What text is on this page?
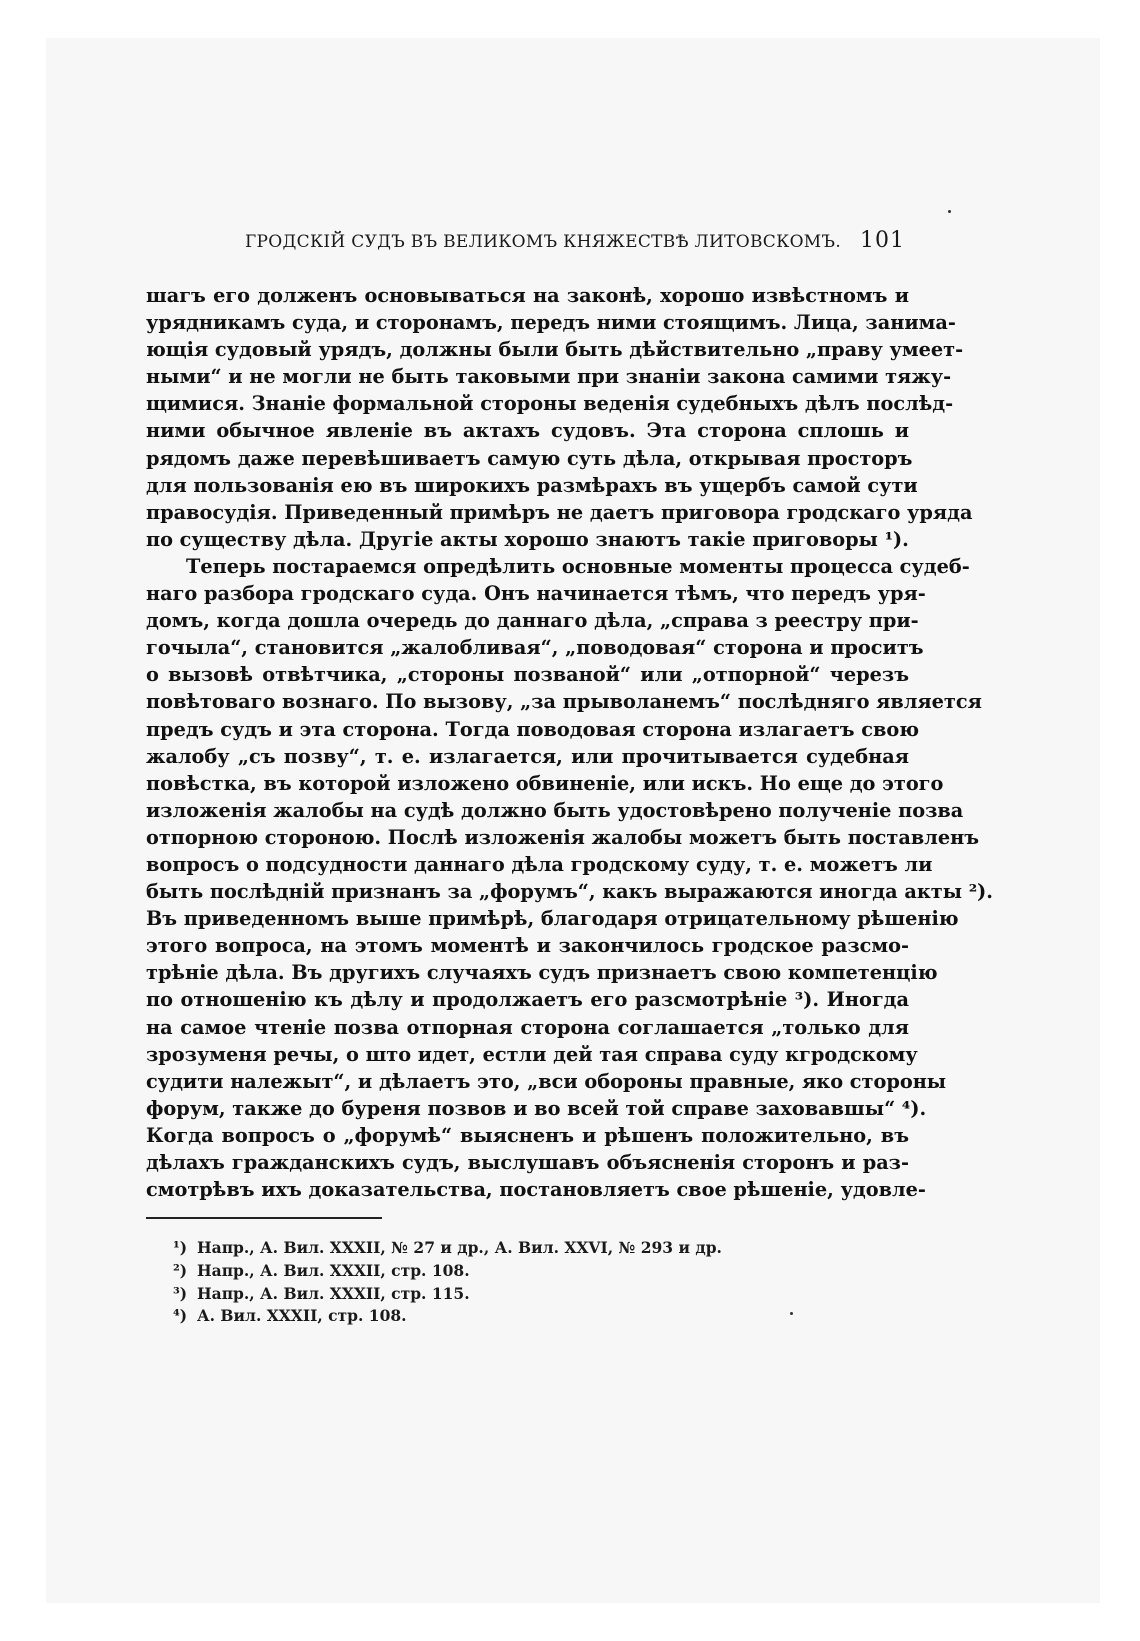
ГРОДСКІЙ СУДЪ ВЪ ВЕЛИКОМЪ КНЯЖЕСТВѢ ЛИТОВСКОМЪ. 101
шагъ его долженъ основываться на законѣ, хорошо извѣстномъ и
урядникамъ суда, и сторонамъ, передъ ними стоящимъ. Лица, занима-
ющія судовый урядъ, должны были быть дѣйствительно „праву умеет-
ными“ и не могли не быть таковыми при знаніи закона самими тяжу-
щимися. Знаніе формальной стороны веденія судебныхъ дѣлъ послѣд-
ними обычное явленіе въ актахъ судовъ. Эта сторона сплошь и
рядомъ даже перевѣшиваетъ самую суть дѣла, открывая просторъ
для пользованія ею въ широкихъ размѣрахъ въ ущербъ самой сути
правосудія. Приведенный примѣръ не даетъ приговора гродскаго уряда
по существу дѣла. Другіе акты хорошо знаютъ такіе приговоры ¹).
Теперь постараемся опредѣлить основные моменты процесса судеб-
наго разбора гродскаго суда. Онъ начинается тѣмъ, что передъ уря-
домъ, когда дошла очередь до даннаго дѣла, „справа з реестру при-
гочыла“, становится „жалобливая“, „поводовая“ сторона и проситъ
о вызовѣ отвѣтчика, „стороны позваной“ или „отпорной“ черезъ
повѣтоваго вознаго. По вызову, „за прыволанемъ“ послѣдняго является
предъ судъ и эта сторона. Тогда поводовая сторона излагаетъ свою
жалобу „съ позву“, т. е. излагается, или прочитывается судебная
повѣстка, въ которой изложено обвиненіе, или искъ. Но еще до этого
изложенія жалобы на судѣ должно быть удостовѣрено полученіе позва
отпорною стороною. Послѣ изложенія жалобы можетъ быть поставленъ
вопросъ о подсудности даннаго дѣла гродскому суду, т. е. можетъ ли
быть послѣдній признанъ за „форумъ“, какъ выражаются иногда акты ²).
Въ приведенномъ выше примѣрѣ, благодаря отрицательному рѣшенію
этого вопроса, на этомъ моментѣ и закончилось гродское разсмо-
трѣніе дѣла. Въ другихъ случаяхъ судъ признаетъ свою компетенцію
по отношенію къ дѣлу и продолжаетъ его разсмотрѣніе ³). Иногда
на самое чтеніе позва отпорная сторона соглашается „только для
зрозуменя речы, о што идет, естли дей тая справа суду кгродскому
судити належыт“, и дѣлаетъ это, „вси обороны правные, яко стороны
форум, также до буреня позвов и во всей той справе заховавшы“ ⁴).
Когда вопросъ о „форумѣ“ выясненъ и рѣшенъ положительно, въ
дѣлахъ гражданскихъ судъ, выслушавъ объясненія сторонъ и раз-
смотрѣвъ ихъ доказательства, постановляетъ свое рѣшеніе, удовле-
¹) Напр., А. Вил. XXXII, № 27 и др., А. Вил. XXVI, № 293 и др.
²) Напр., А. Вил. XXXII, стр. 108.
³) Напр., А. Вил. XXXII, стр. 115.
⁴) А. Вил. XXXII, стр. 108.
